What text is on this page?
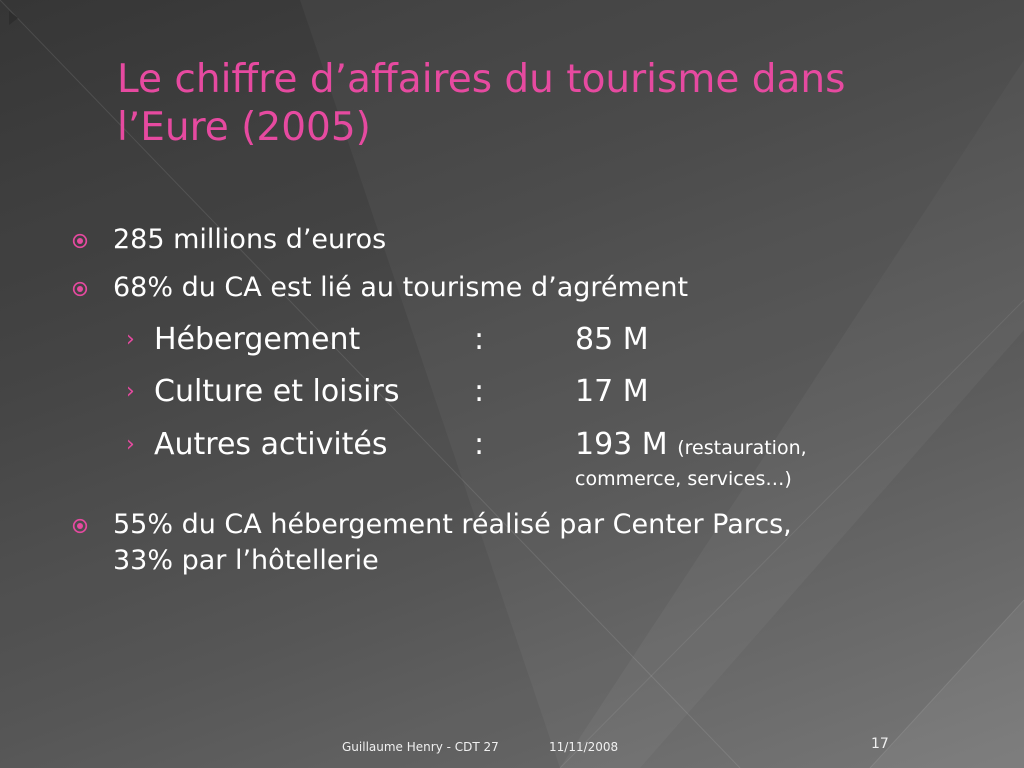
Le chiffre d’affaires du tourisme dans
l’Eure (2005)
285 millions d’euros
68% du CA est lié au tourisme d’agrément
› Hébergement	:	85 M
› Culture et loisirs :	17 M
› Autres activités	:	193 M (restauration,
commerce, services…)
55% du CA hébergement réalisé par Center Parcs,
33% par l’hôtellerie
Guillaume Henry - CDT 27	11/11/2008	17
